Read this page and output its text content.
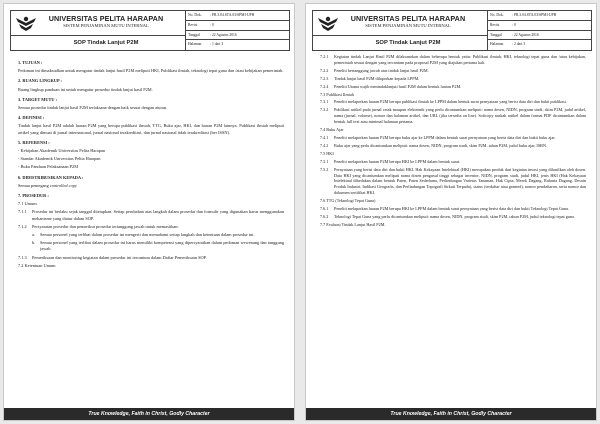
UNIVERSITAS PELITA HARAPAN
SISTEM PENJAMINAN MUTU INTERNAL
SOP Tindak Lanjut P2M
No. Dok. : PR.3.04.STA.03/SPMI-UPH
Revisi	: 0
Tanggal	: 22 Agustus 2016
Halaman : 1 dari 3

1. TUJUAN :

Pedoman ini dimaksudkan untuk mengatur tindak lanjut hasil P2M meliputi HKI, Publikasi ilmiah, teknologi tepat guna dan /atau kebijakan pemerintah.

2. RUANG LINGKUP :

Ruang lingkup panduan ini untuk mengatur prosedur tindak lanjut hasil P2M.

3. TARGET MUTU :

Semua prosedur tindak lanjut hasil P2M terlaksana dengan baik sesuai dengan aturan.

4. DEFINISI :

Tindak lanjut hasil P2M adalah luaran P2M yang berupa publikasi ilmiah, TTG, Buku ajar, HKI, dan luaran P2M lainnya. Publikasi ilmiah meliputi artikel yang dimuat di jurnal internasional, jurnal nasional terakreditasi, dan jurnal nasional tidak terakreditasi (ber ISSN).

5. REFERENSI :

- Kebijakan Akademik Universitas Pelita Harapan

- Standar Akademik Universitas Pelita Harapan

- Buku Panduan Pelaksanaan P2M

6. DIDISTRIBUSIKAN KEPADA :

Semua pemegang controlled copy

7. PROSEDUR :

7.1 Umum

7.1.1	Prosedur ini berlaku sejak tanggal ditetapkan. Setiap perubahan atas langkah dalam prosedur dan formulir yang digunakan harus menggunakan mekanisme yang diatur dalam SOP.
7.1.2	Persyaratan prosedur dan pemeriksa prosedur tertanggung jawab untuk memastikan:
a.	Semua personel yang terlibat dalam prosedur ini mengerti dan memahami setiap langkah dan ketentuan dalam prosedur ini.
b.	Semua personel yang terlibat dalam prosedur ini harus memiliki kompetensi yang dipersyaratkan dalam pedoman wewenang dan tanggung jawab.
7.1.3	Pemeriksaan dan monitoring kegiatan dalam prosedur ini tercantum dalam Daftar Pemeriksaan SOP.

7.2 Ketentuan Umum

True Knowledge, Faith in Christ, Godly Character
UNIVERSITAS PELITA HARAPAN
SISTEM PENJAMINAN MUTU INTERNAL
SOP Tindak Lanjut P2M
No. Dok. : PR.3.04.STA.03/SPMI-UPH
Revisi	: 0
Tanggal	: 22 Agustus 2016
Halaman : 2 dari 3
7.2.1	Kegiatan tindak Lanjut Hasil P2M dilaksanakan dalam beberapa bentuk yaitu: Publikasi ilmiah, HKI, teknologi tepat guna dan /atau kebijakan, pemerintah sesuai dengan yang tercantum pada proposal P2M yang diajukan pertama kali.
7.2.2	Peneliti bertanggung jawab atas tindak lanjut hasil P2M.
7.2.3	Tindak lanjut hasil P2M dilaporkan kepada LPPM.
7.2.4	Peneliti Utama wajib menindaklanjuti hasil P2M dalam bentuk luaran P2M.

7.3 Publikasi Ilmiah

7.3.1	Peneliti melaporkan luaran P2M berupa publikasi ilmiah ke LPPM dalam bentuk surat pernyataan yang berisi data diri dan bukti publikasi.
7.3.2	Publikasi artikel pada jurnal cetak maupun elektronik yang perlu dicantumkan meliputi: nama dosen, NIDN, program studi, skim P2M, judul artikel, nama (jurnal, volume), nomor dan halaman artikel, dan URL (jika tersedia on line). Softcopy naskah artikel dalam format PDF dicantumkan dalam bentuk full text atau minimal halaman pertama.

7.4 Buku Ajar

7.4.1	Peneliti melaporkan luaran P2M berupa buku ajar ke LPPM dalam bentuk surat pernyataan yang berisi data diri dan bukti buku ajar.
7.4.2	Buku ajar yang perlu dicantumkan meliputi: nama dosen, NIDN, program studi, skim P2M, tahun P2M, judul buku ajar, ISBN.

7.5 HKI

7.5.1	Peneliti melaporkan luaran P2M berupa HKI ke LPPM dalam bentuk surat.
7.5.2	Pernyataan yang berisi data diri dan bukti HKI. Hak Kekayaan Intelektual (HKI) merupakan produk dari kegiatan invasi yang dihasilkan oleh dosen. Data HKI yang dicantumkan meliputi nama dosen pengusul tinggi sebagai inventor, NIDN, program studi, judul HKI, jenis HKI (Hak Kekayaan Intelektual dibedakan dalam bentuk Paten, Paten Sederhana, Perlindungan Varietas Tanaman, Hak Cipta, Merek Dagang, Rahasia Dagang, Desain Produk Industri, Indikasi Geografis, dan Perlindungan Topografi Sirkuit Terpadu), status (terdaftar atau granted), nomor pendaftaran, serta nomor dan dokumen sertifikat HKI.

7.6 TTG (Teknologi Tepat Guna)

7.6.1	Peneliti melaporkan luaran P2M berupa HKI ke LPPM dalam bentuk surat pernyataan yang berisi data diri dan bukti Teknologi Tepat Guna.
7.6.2	Teknologi Tepat Guna yang perlu dicantumkan meliputi: nama dosen, NIDN, program studi, skim P2M, tahun P2M, judul teknologi tepat guna.

7.7 Evaluasi Tindak Lanjut Hasil P2M.

True Knowledge, Faith in Christ, Godly Character
